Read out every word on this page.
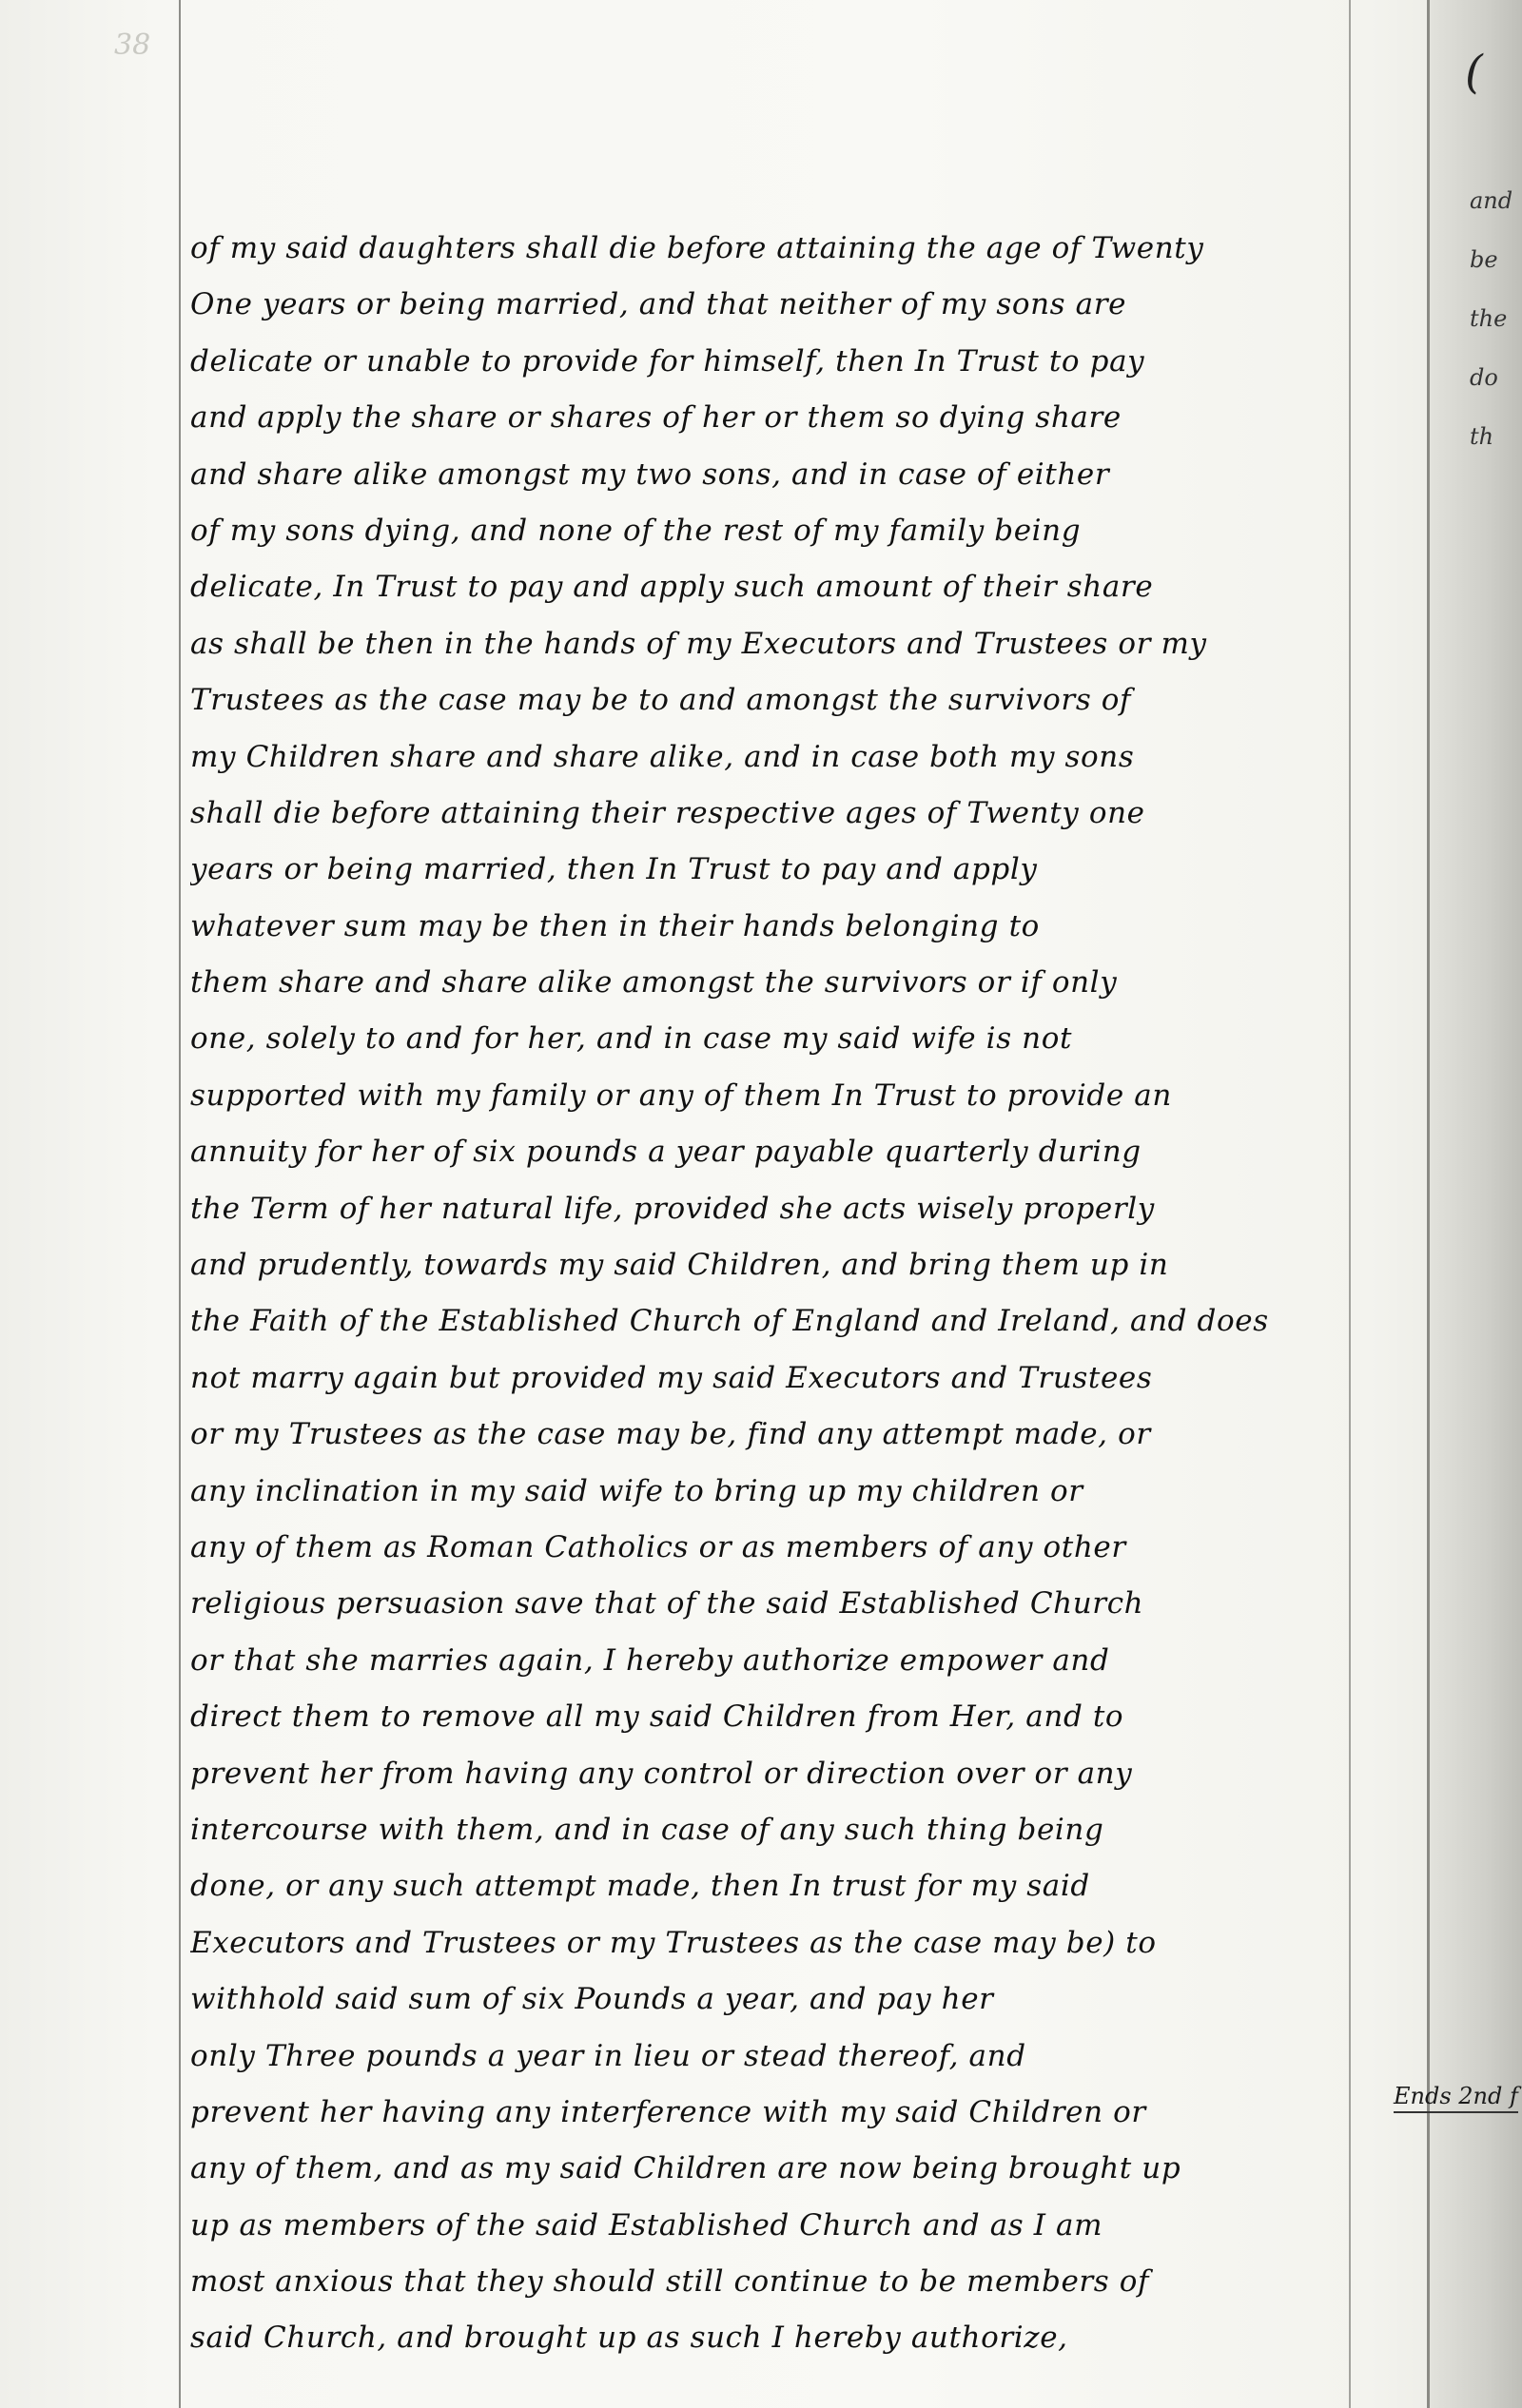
38
(
of my said daughters shall die before attaining the age of Twenty
One years or being married, and that neither of my sons are
delicate or unable to provide for himself, then In Trust to pay
and apply the share or shares of her or them so dying share
and share alike amongst my two sons, and in case of either
of my sons dying, and none of the rest of my family being
delicate, In Trust to pay and apply such amount of their share
as shall be then in the hands of my Executors and Trustees or my
Trustees as the case may be to and amongst the survivors of
my Children share and share alike, and in case both my sons
shall die before attaining their respective ages of Twenty one
years or being married, then In Trust to pay and apply
whatever sum may be then in their hands belonging to
them share and share alike amongst the survivors or if only
one, solely to and for her, and in case my said wife is not
supported with my family or any of them In Trust to provide an
annuity for her of six pounds a year payable quarterly during
the Term of her natural life, provided she acts wisely properly
and prudently, towards my said Children, and bring them up in
the Faith of the Established Church of England and Ireland, and does
not marry again but provided my said Executors and Trustees
or my Trustees as the case may be, find any attempt made, or
any inclination in my said wife to bring up my children or
any of them as Roman Catholics or as members of any other
religious persuasion save that of the said Established Church
or that she marries again, I hereby authorize empower and
direct them to remove all my said Children from Her, and to
prevent her from having any control or direction over or any
intercourse with them, and in case of any such thing being
done, or any such attempt made, then In trust for my said
Executors and Trustees or my Trustees as the case may be) to
withhold said sum of six Pounds a year, and pay her
only Three pounds a year in lieu or stead thereof, and
prevent her having any interference with my said Children or
any of them, and as my said Children are now being brought up
up as members of the said Established Church and as I am
most anxious that they should still continue to be members of
said Church, and brought up as such I hereby authorize,
and
be
the
do
th
Ends 2nd f
